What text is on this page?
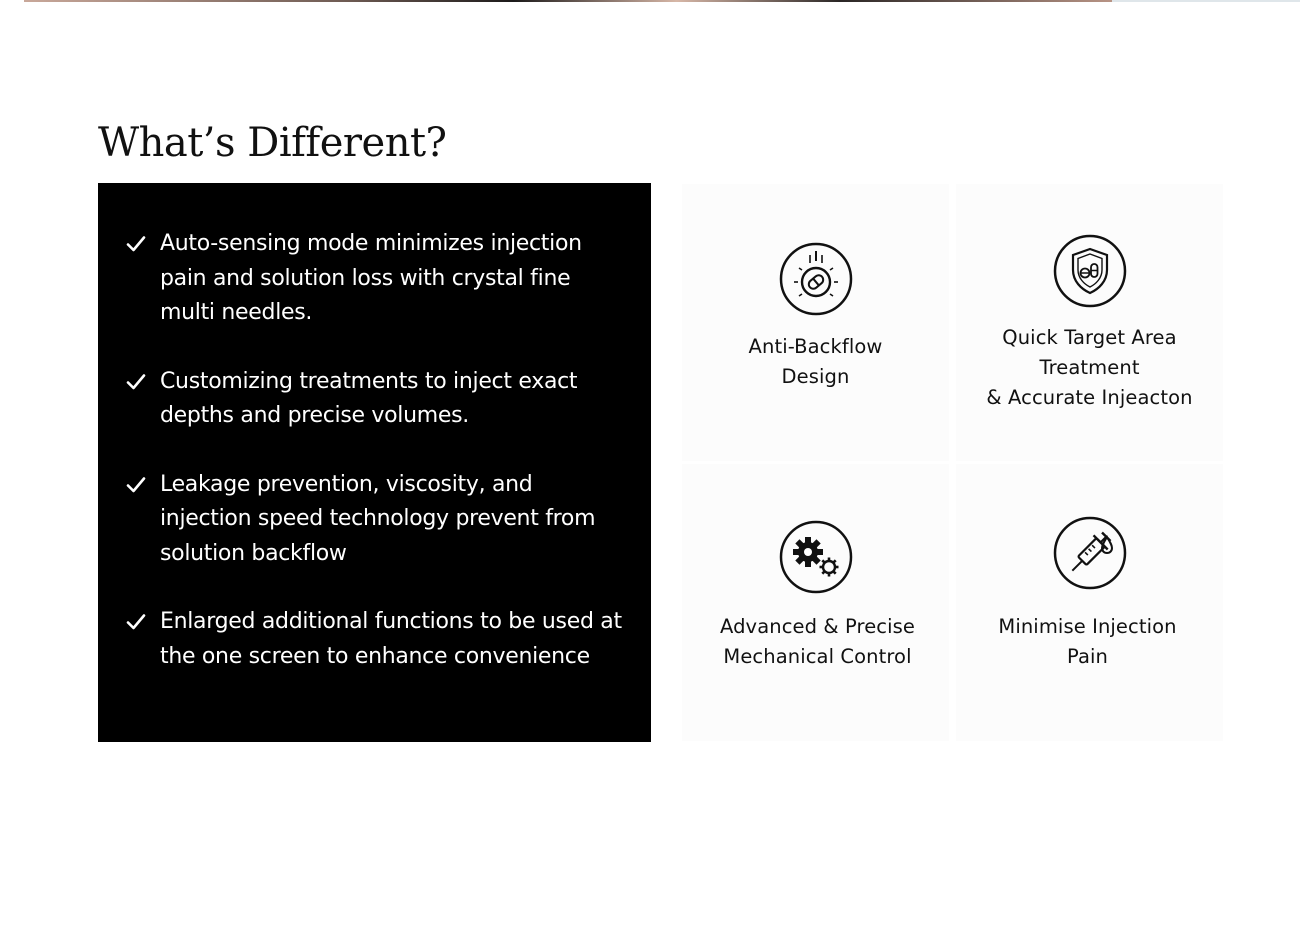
What’s Different?
Auto-sensing mode minimizes injection pain and solution loss with crystal fine multi needles.
Customizing treatments to inject exact depths and precise volumes.
Leakage prevention, viscosity, and injection speed technology prevent from solution backflow
Enlarged additional functions to be used at the one screen to enhance convenience
Anti-Backflow
Design
Quick Target Area
Treatment
& Accurate Injeacton
Advanced & Precise
Mechanical Control
Minimise Injection
Pain
